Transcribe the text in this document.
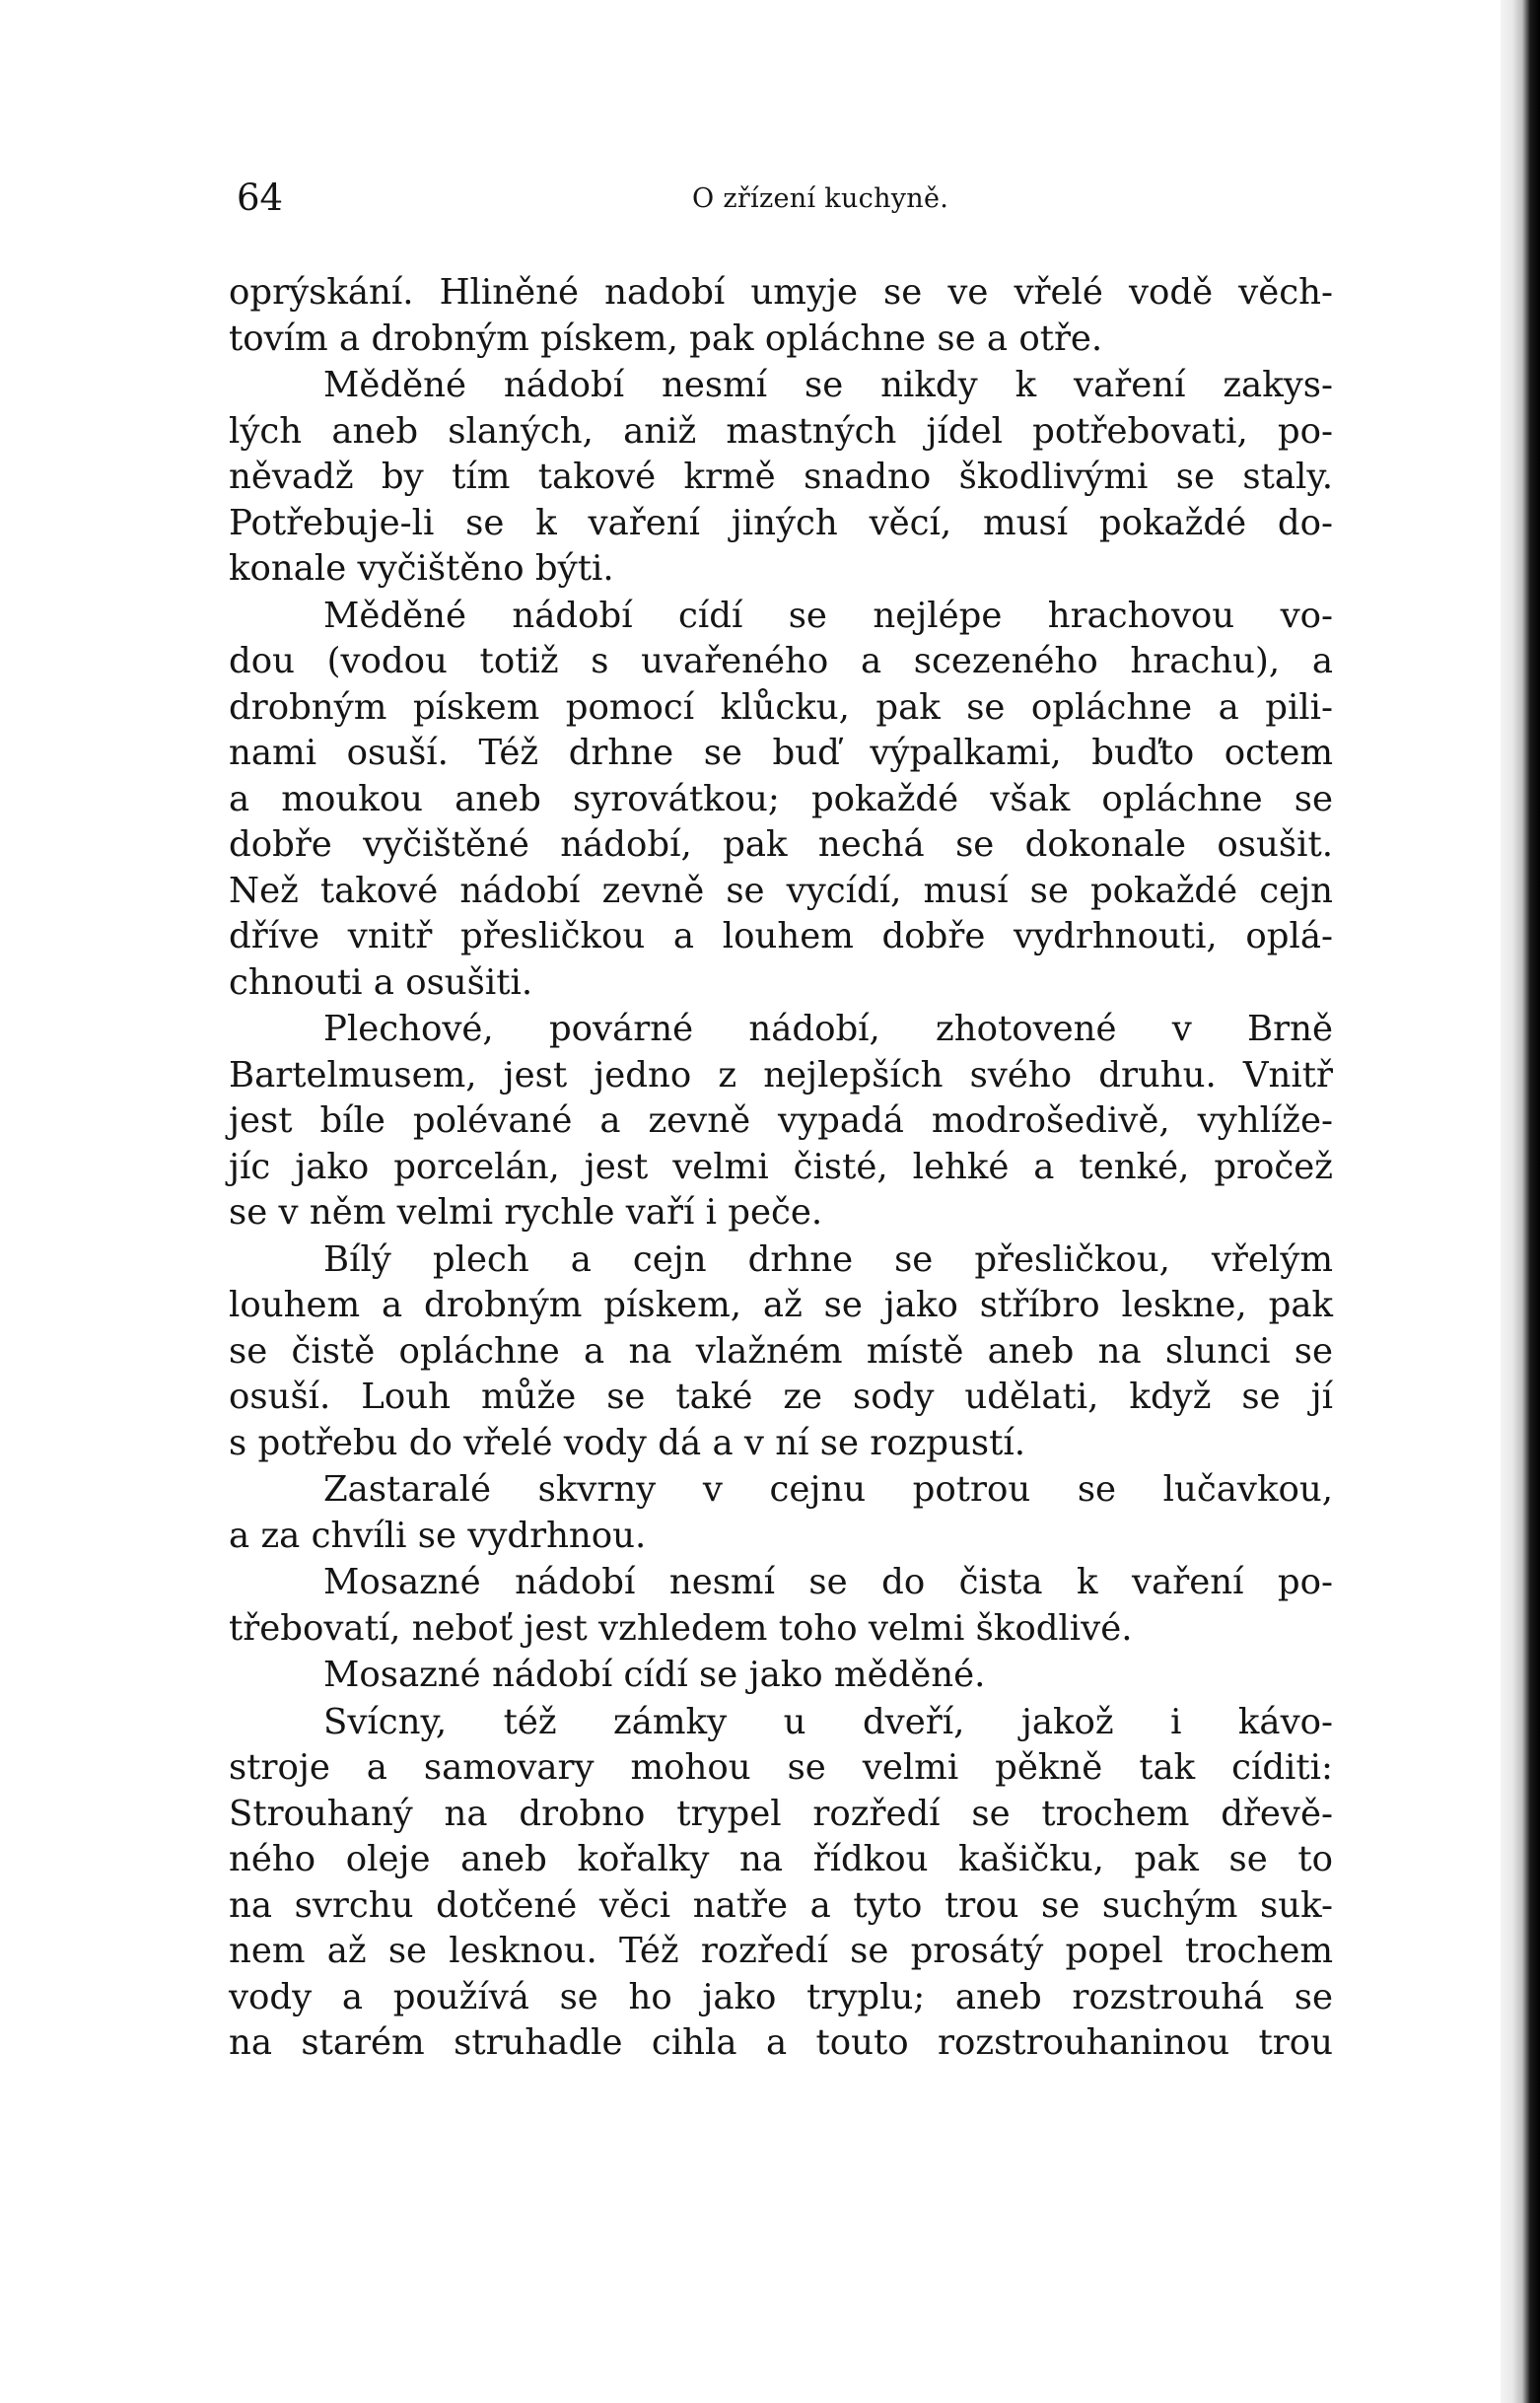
64	O zřízení kuchyně.
oprýskání. Hliněné nadobí umyje se ve vřelé vodě věch-
tovím a drobným pískem, pak opláchne se a otře.
Měděné nádobí nesmí se nikdy k vaření zakys-
lých aneb slaných, aniž mastných jídel potřebovati, po-
něvadž by tím takové krmě snadno škodlivými se staly.
Potřebuje-li se k vaření jiných věcí, musí pokaždé do-
konale vyčištěno býti.
Měděné nádobí cídí se nejlépe hrachovou vo-
dou (vodou totiž s uvařeného a scezeného hrachu), a
drobným pískem pomocí klůcku, pak se opláchne a pili-
nami osuší. Též drhne se buď výpalkami, buďto octem
a moukou aneb syrovátkou; pokaždé však opláchne se
dobře vyčištěné nádobí, pak nechá se dokonale osušit.
Než takové nádobí zevně se vycídí, musí se pokaždé cejn
dříve vnitř přesličkou a louhem dobře vydrhnouti, oplá-
chnouti a osušiti.
Plechové, povárné nádobí, zhotovené v Brně
Bartelmusem, jest jedno z nejlepších svého druhu. Vnitř
jest bíle polévané a zevně vypadá modrošedivě, vyhlíže-
jíc jako porcelán, jest velmi čisté, lehké a tenké, pročež
se v něm velmi rychle vaří i peče.
Bílý plech a cejn drhne se přesličkou, vřelým
louhem a drobným pískem, až se jako stříbro leskne, pak
se čistě opláchne a na vlažném místě aneb na slunci se
osuší. Louh může se také ze sody udělati, když se jí
s potřebu do vřelé vody dá a v ní se rozpustí.
Zastaralé skvrny v cejnu potrou se lučavkou,
a za chvíli se vydrhnou.
Mosazné nádobí nesmí se do čista k vaření po-
třebovatí, neboť jest vzhledem toho velmi škodlivé.
Mosazné nádobí cídí se jako měděné.
Svícny, též zámky u dveří, jakož i kávo-
stroje a samovary mohou se velmi pěkně tak cíditi:
Strouhaný na drobno trypel rozředí se trochem dřevě-
ného oleje aneb kořalky na řídkou kašičku, pak se to
na svrchu dotčené věci natře a tyto trou se suchým suk-
nem až se lesknou. Též rozředí se prosátý popel trochem
vody a používá se ho jako tryplu; aneb rozstrouhá se
na starém struhadle cihla a touto rozstrouhaninou trou
